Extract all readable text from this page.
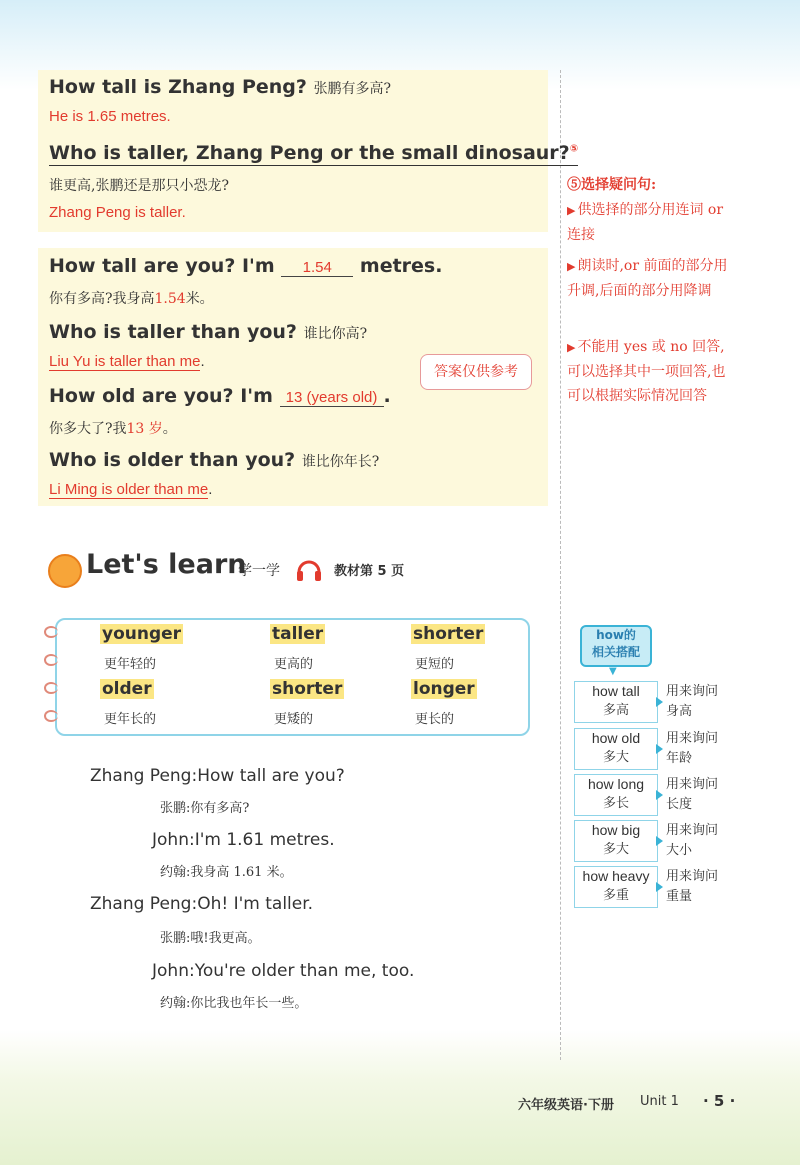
How tall is Zhang Peng? 张鹏有多高?
He is 1.65 metres.
Who is taller, Zhang Peng or the small dinosaur?⑤
谁更高,张鹏还是那只小恐龙?
Zhang Peng is taller.
How tall are you? I'm 1.54 metres.
你有多高?我身高1.54米。
Who is taller than you? 谁比你高?
Liu Yu is taller than me.
答案仅供参考
How old are you? I'm 13 (years old) .
你多大了?我13 岁。
Who is older than you? 谁比你年长?
Li Ming is older than me.
⑤选择疑问句:
▶ 供选择的部分用连词 or 连接
▶ 朗读时,or 前面的部分用升调,后面的部分用降调
▶ 不能用 yes 或 no 回答,可以选择其中一项回答,也可以根据实际情况回答
Let's learn
学一学	教材第 5 页
younger
更年轻的
taller
更高的
shorter
更短的
older
更年长的
shorter
更矮的
longer
更长的
Zhang Peng:How tall are you?
张鹏:你有多高?
John:I'm 1.61 metres.
约翰:我身高 1.61 米。
Zhang Peng:Oh! I'm taller.
张鹏:哦!我更高。
John:You're older than me, too.
约翰:你比我也年长一些。
how的
相关搭配
▼
how tall
多高
用来询问
身高
how old
多大
用来询问
年龄
how long
多长
用来询问
长度
how big
多大
用来询问
大小
how heavy
多重
用来询问
重量
六年级英语·下册 Unit 1 · 5 ·
